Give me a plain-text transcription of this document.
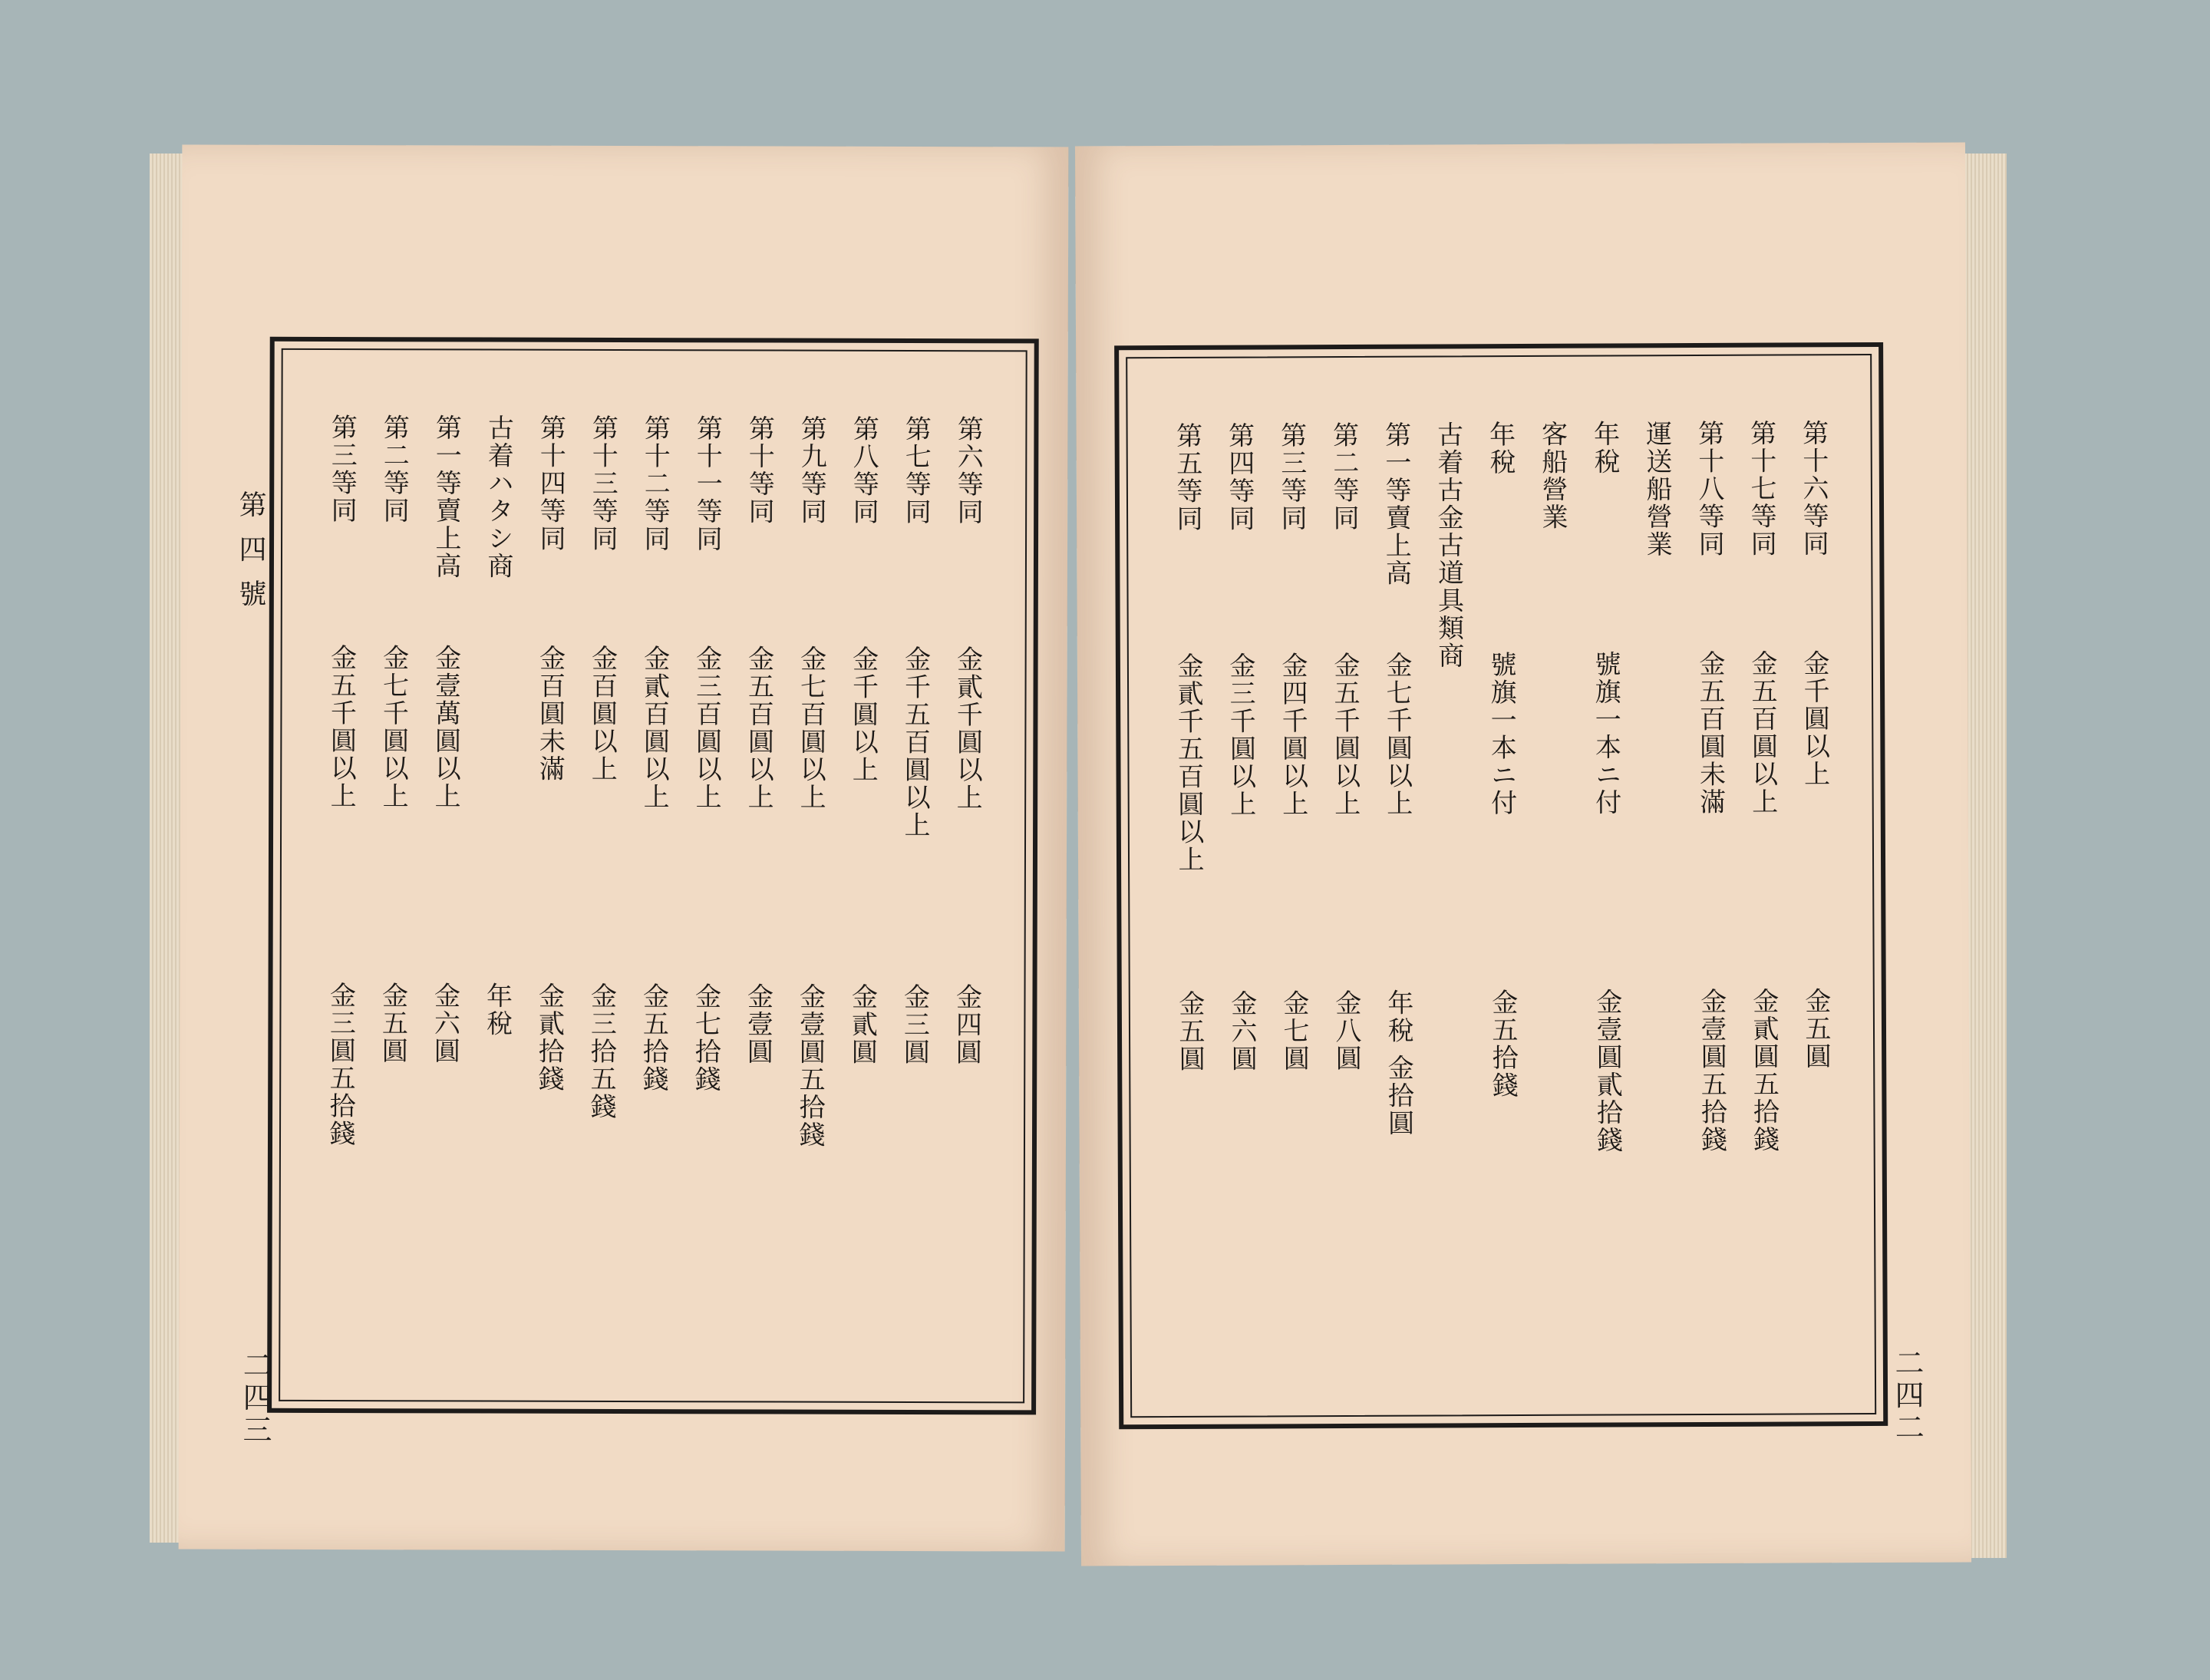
第四號
二四三
第六等同
金貳千圓以上
金四圓
第七等同
金千五百圓以上
金三圓
第八等同
金千圓以上
金貳圓
第九等同
金七百圓以上
金壹圓五拾錢
第十等同
金五百圓以上
金壹圓
第十一等同
金三百圓以上
金七拾錢
第十二等同
金貳百圓以上
金五拾錢
第十三等同
金百圓以上
金三拾五錢
第十四等同
金百圓未滿
金貳拾錢
古着ハタシ商
年稅
第一等賣上高
金壹萬圓以上
金六圓
第二等同
金七千圓以上
金五圓
第三等同
金五千圓以上
金三圓五拾錢
二四二
第十六等同
金千圓以上
金五圓
第十七等同
金五百圓以上
金貳圓五拾錢
第十八等同
金五百圓未滿
金壹圓五拾錢
運送船營業
年稅
號旗一本ニ付
金壹圓貳拾錢
客船營業
年稅
號旗一本ニ付
金五拾錢
古着古金古道具類商
第一等賣上高
金七千圓以上
年稅 金拾圓
第二等同
金五千圓以上
金八圓
第三等同
金四千圓以上
金七圓
第四等同
金三千圓以上
金六圓
第五等同
金貳千五百圓以上
金五圓
